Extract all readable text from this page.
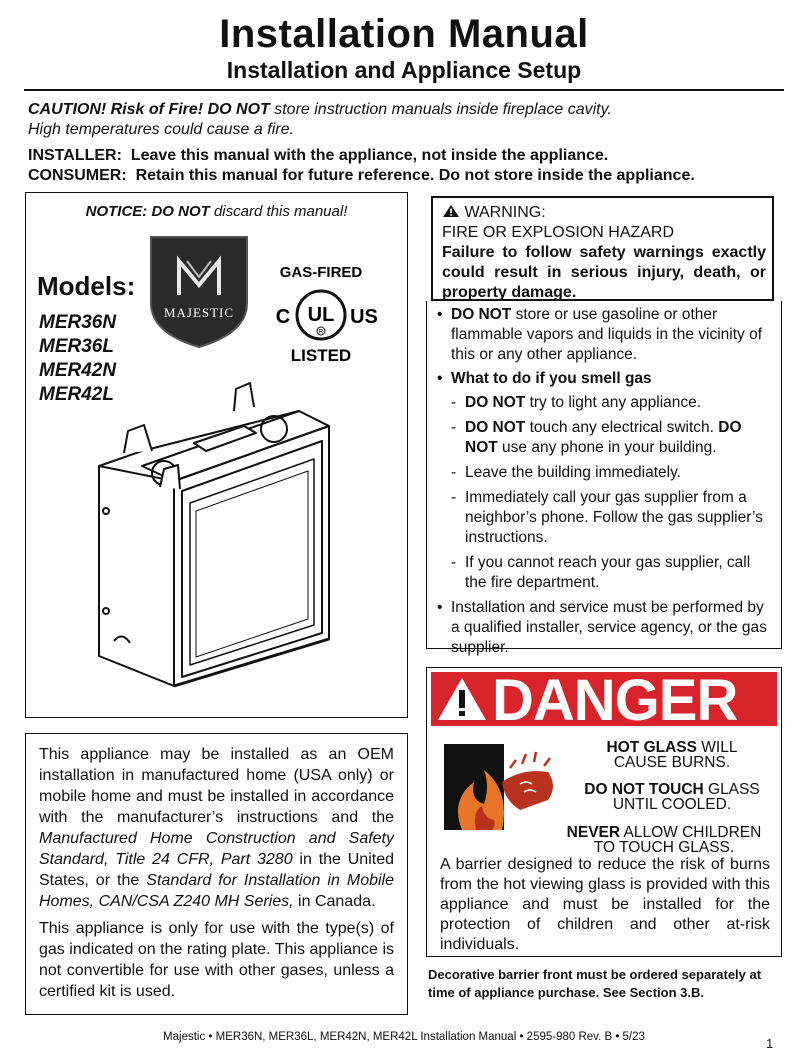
Installation Manual
Installation and Appliance Setup
CAUTION! Risk of Fire! DO NOT store instruction manuals inside fireplace cavity.
High temperatures could cause a fire.
INSTALLER: Leave this manual with the appliance, not inside the appliance.
CONSUMER: Retain this manual for future reference. Do not store inside the appliance.
NOTICE: DO NOT discard this manual!
MAJESTIC
GAS-FIRED
UL
R
C	US
LISTED
Models:
MER36N
MER36L
MER42N
MER42L

This appliance may be installed as an OEM installation in manufactured home (USA only) or mobile home and must be installed in accordance with the manufacturer’s instructions and the Manufactured Home Construction and Safety Standard, Title 24 CFR, Part 3280 in the United States, or the Standard for Installation in Mobile Homes, CAN/CSA Z240 MH Series, in Canada.

This appliance is only for use with the type(s) of gas indicated on the rating plate. This appliance is not convertible for use with other gases, unless a certified kit is used.

WARNING:
FIRE OR EXPLOSION HAZARD
Failure to follow safety warnings exactly could result in serious injury, death, or property damage.
• DO NOT store or use gasoline or other flammable vapors and liquids in the vicinity of this or any other appliance.
• What to do if you smell gas
- DO NOT try to light any appliance.
- DO NOT touch any electrical switch. DO NOT use any phone in your building.
- Leave the building immediately.
- Immediately call your gas supplier from a neighbor’s phone. Follow the gas supplier’s instructions.
- If you cannot reach your gas supplier, call the fire department.
• Installation and service must be performed by a qualified installer, service agency, or the gas supplier.
DANGER
HOT GLASS WILL
CAUSE BURNS.
DO NOT TOUCH GLASS
UNTIL COOLED.
NEVER ALLOW CHILDREN
TO TOUCH GLASS.
A barrier designed to reduce the risk of burns from the hot viewing glass is provided with this appliance and must be installed for the protection of children and other at-risk individuals.
Decorative barrier front must be ordered separately at time of appliance purchase. See Section 3.B.
Majestic • MER36N, MER36L, MER42N, MER42L Installation Manual • 2595-980 Rev. B • 5/23	1
